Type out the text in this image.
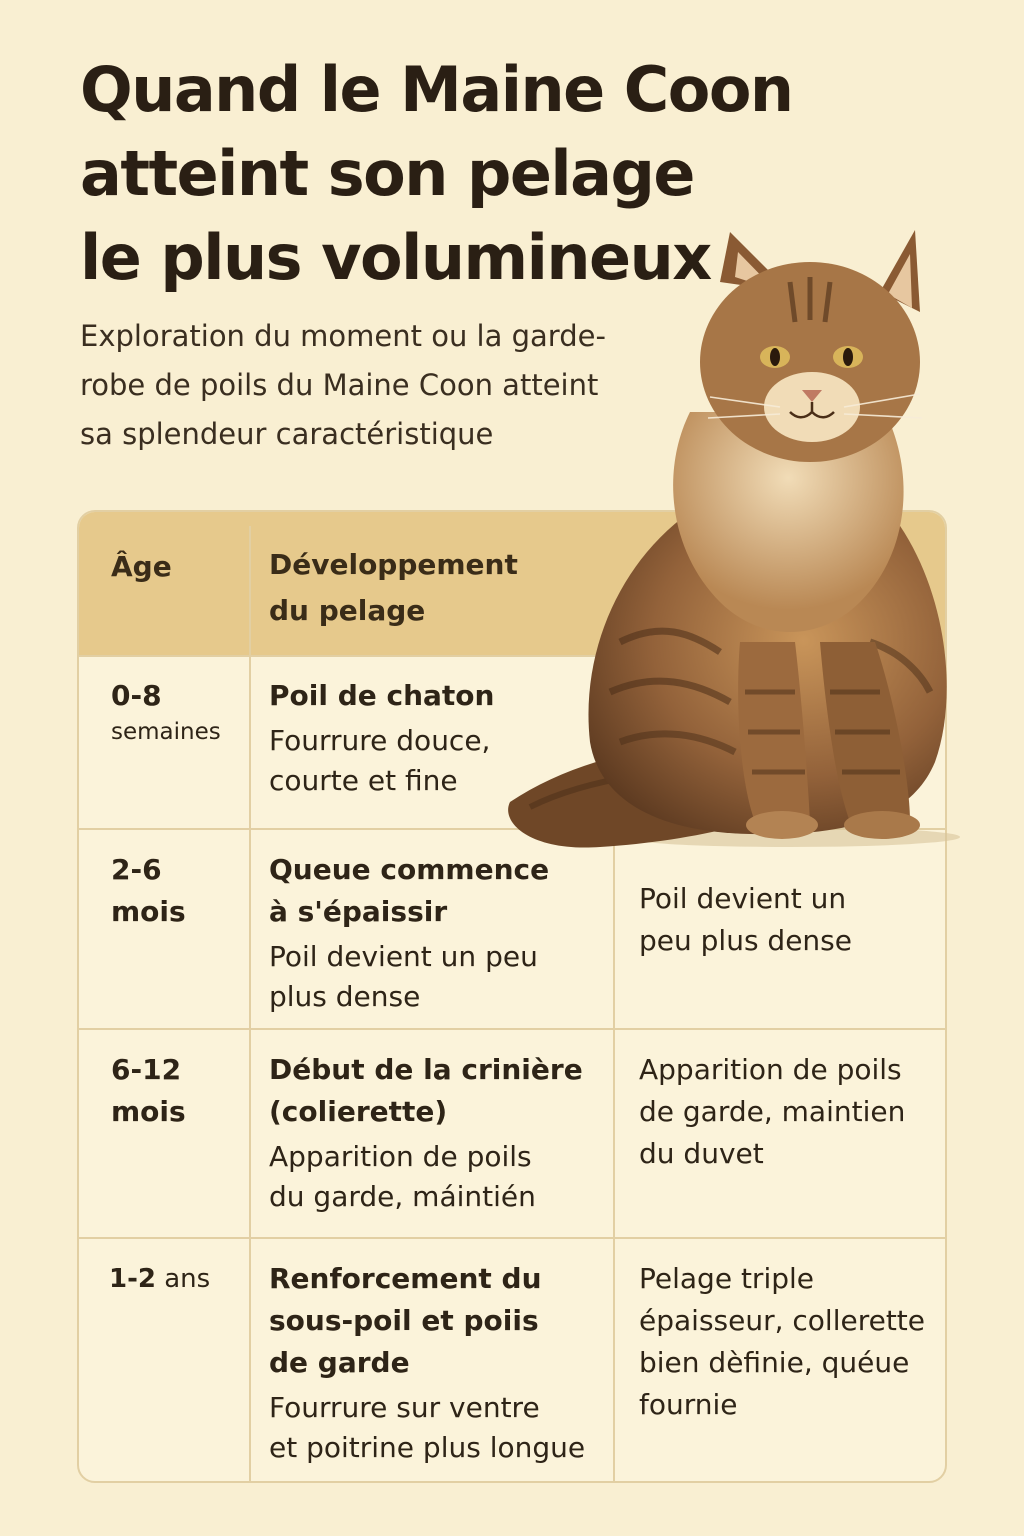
Quand le Maine Coon
atteint son pelage
le plus volumineux

Exploration du moment ou la garde-
robe de poils du Maine Coon atteint
sa splendeur caractéristique

Âge	Développement
du pelage
0-8
semaines
Poil de chaton
Fourrure douce,
courte et fine
2-6
mois
Queue commence
à s'épaissir
Poil devient un peu
plus dense
Poil devient un
peu plus dense
6-12
mois
Début de la crinière
(colierette)
Apparition de poils
du garde, máintién
Apparition de poils
de garde, maintien
du duvet
1-2 ans Renforcement du
sous-poil et poiis
de garde
Fourrure sur ventre
et poitrine plus longue
Pelage triple
épaisseur, collerette
bien dèfinie, quéue
fournie
